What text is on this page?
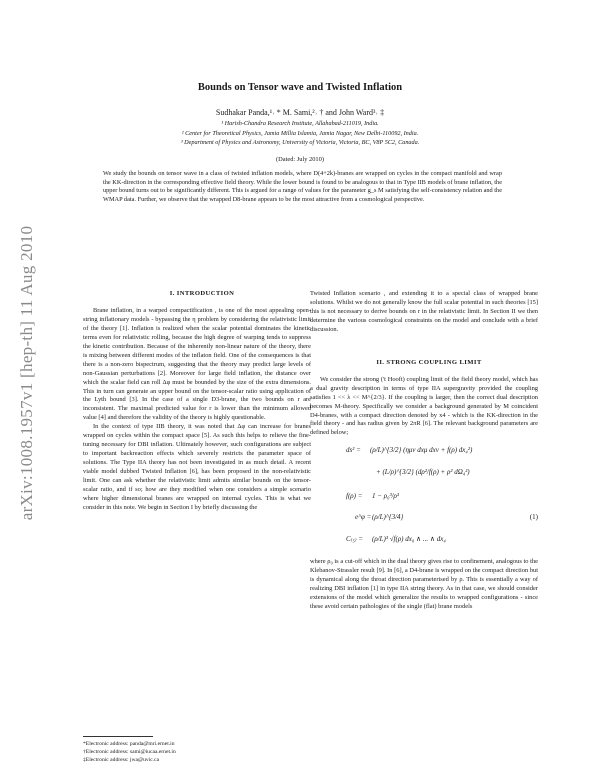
arXiv:1008.1957v1 [hep-th] 11 Aug 2010
Bounds on Tensor wave and Twisted Inflation
Sudhakar Panda,¹˒ * M. Sami,²˒ † and John Ward³˒ ‡
¹ Harish-Chandra Research Institute, Allahabad-211019, India.
² Center for Theoretical Physics, Jamia Millia Islamia, Jamia Nagar, New Delhi-110092, India.
³ Department of Physics and Astronomy, University of Victoria, Victoria, BC, V8P 5C2, Canada.
(Dated: July 2010)
We study the bounds on tensor wave in a class of twisted inflation models, where D(4+2k)-branes are wrapped on cycles in the compact manifold and wrap the KK-direction in the corresponding effective field theory. While the lower bound is found to be analogous to that in Type IIB models of brane inflation, the upper bound turns out to be significantly different. This is argued for a range of values for the parameter g_s M satisfying the self-consistency relation and the WMAP data. Further, we observe that the wrapped D8-brane appears to be the most attractive from a cosmological perspective.

I. INTRODUCTION

Brane inflation, in a warped compactification , is one of the most appealing open-string inflationary models - bypassing the η problem by considering the relativistic limit of the theory [1]. Inflation is realized when the scalar potential dominates the kinetic terms even for relativistic rolling, because the high degree of warping tends to suppress the kinetic contribution. Because of the inherently non-linear nature of the theory, there is mixing between different modes of the inflaton field. One of the consequences is that there is a non-zero bispectrum, suggesting that the theory may predict large levels of non-Gaussian perturbations [2]. Moreover for large field inflation, the distance over which the scalar field can roll Δφ must be bounded by the size of the extra dimensions. This in turn can generate an upper bound on the tensor-scalar ratio using application of the Lyth bound [3]. In the case of a single D3-brane, the two bounds on r are inconsistent. The maximal predicted value for r is lower than the minimum allowed value [4] and therefore the validity of the theory is highly questionable.

In the context of type IIB theory, it was noted that Δφ can increase for branes wrapped on cycles within the compact space [5]. As such this helps to relieve the fine-tuning necessary for DBI inflation. Ultimately however, such configurations are subject to important backreaction effects which severely restricts the parameter space of solutions. The Type IIA theory has not been investigated in as much detail. A recent viable model dubbed Twisted Inflation [6], has been proposed in the non-relativistic limit. One can ask whether the relativistic limit admits similar bounds on the tensor-scalar ratio, and if so; how are they modified when one considers a simple scenario where higher dimensional branes are wrapped on internal cycles. This is what we consider in this note. We begin in Section I by briefly discussing the

Twisted Inflation scenario , and extending it to a special class of wrapped brane solutions. Whilst we do not generally know the full scalar potential in such theories [15] this is not necessary to derive bounds on r in the relativistic limit. In Section II we then determine the various cosmological constraints on the model and conclude with a brief discussion.

II. STRONG COUPLING LIMIT

We consider the strong ('t Hooft) coupling limit of the field theory model, which has a dual gravity description in terms of type IIA supergravity provided the coupling satisfies 1 << λ << M^{2/3}. If the coupling is larger, then the correct dual description becomes M-theory. Specifically we consider a background generated by M coincident D4-branes, with a compact direction denoted by x4 - which is the KK-direction in the field theory - and has radius given by 2πR [6]. The relevant background parameters are defined below;

ds² = (ρ/L)^{3/2} (ημν dxμ dxν + f(ρ) dx₄²)
+ (L/ρ)^{3/2} (dρ²/f(ρ) + ρ² dΩ₄²)
f(ρ) = 1 − ρ₀³/ρ³
e^φ = (ρ/L)^{3/4}	(1)
C₍₅₎ = (ρ/L)³ √f(ρ) dx₀ ∧ ... ∧ dx₄

where ρ₀ is a cut-off which in the dual theory gives rise to confinement, analogous to the Klebanov-Strassler result [9]. In [6], a D4-brane is wrapped on the compact direction but is dynamical along the throat direction parameterised by ρ. This is essentially a way of realizing DBI inflation [1] in type IIA string theory. As in that case, we should consider extensions of the model which generalize the results to wrapped configurations - since these avoid certain pathologies of the single (flat) brane models

*Electronic address: panda@mri.ernet.in
†Electronic address: sami@iucaa.ernet.in
‡Electronic address: jwa@uvic.ca
